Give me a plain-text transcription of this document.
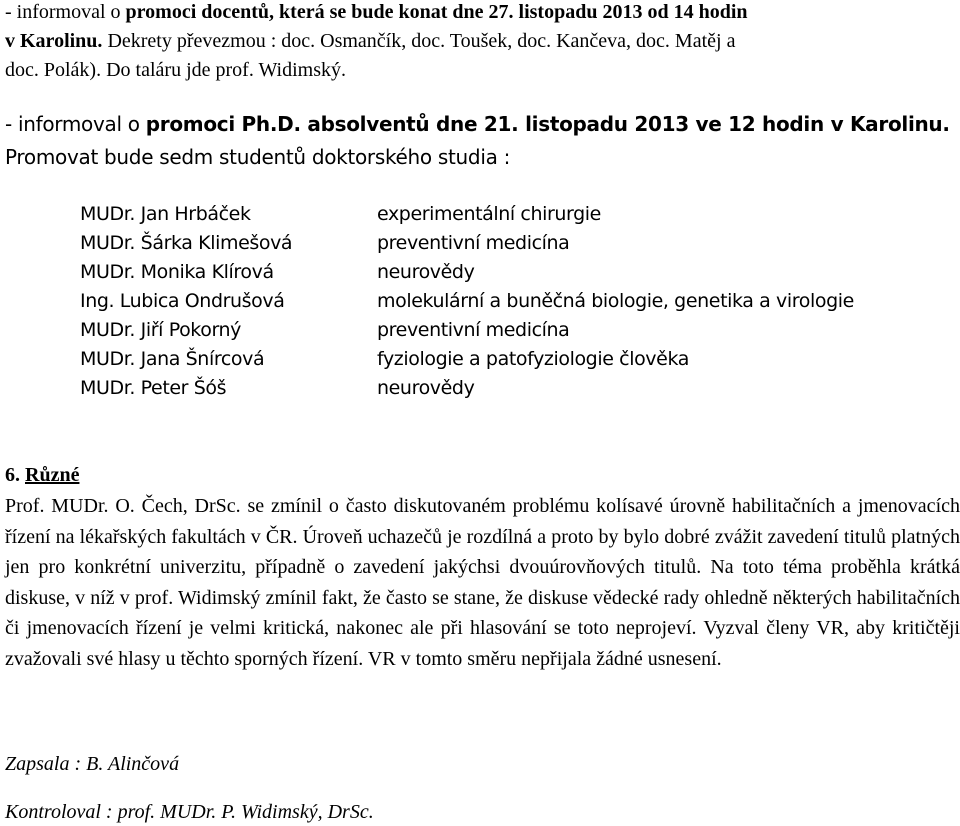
- informoval o promoci docentů, která se bude konat dne 27. listopadu 2013 od 14 hodin
v Karolinu. Dekrety převezmou : doc. Osmančík, doc. Toušek, doc. Kančeva, doc. Matěj a
doc. Polák). Do taláru jde prof. Widimský.
- informoval o promoci Ph.D. absolventů dne 21. listopadu 2013 ve 12 hodin v Karolinu.
Promovat bude sedm studentů doktorského studia :
MUDr. Jan Hrbáček	experimentální chirurgie
MUDr. Šárka Klimešová	preventivní medicína
MUDr. Monika Klírová	neurovědy
Ing. Lubica Ondrušová	molekulární a buněčná biologie, genetika a virologie
MUDr. Jiří Pokorný	preventivní medicína
MUDr. Jana Šnírcová	fyziologie a patofyziologie člověka
MUDr. Peter Šóš	neurovědy
6. Různé
Prof. MUDr. O. Čech, DrSc. se zmínil o často diskutovaném problému kolísavé úrovně habilitačních a jmenovacích řízení na lékařských fakultách v ČR. Úroveň uchazečů je rozdílná a proto by bylo dobré zvážit zavedení titulů platných jen pro konkrétní univerzitu, případně o zavedení jakýchsi dvouúrovňových titulů. Na toto téma proběhla krátká diskuse, v níž v prof. Widimský zmínil fakt, že často se stane, že diskuse vědecké rady ohledně některých habilitačních či jmenovacích řízení je velmi kritická, nakonec ale při hlasování se toto neprojeví. Vyzval členy VR, aby kritičtěji zvažovali své hlasy u těchto sporných řízení. VR v tomto směru nepřijala žádné usnesení.
Zapsala : B. Alinčová
Kontroloval : prof. MUDr. P. Widimský, DrSc.
